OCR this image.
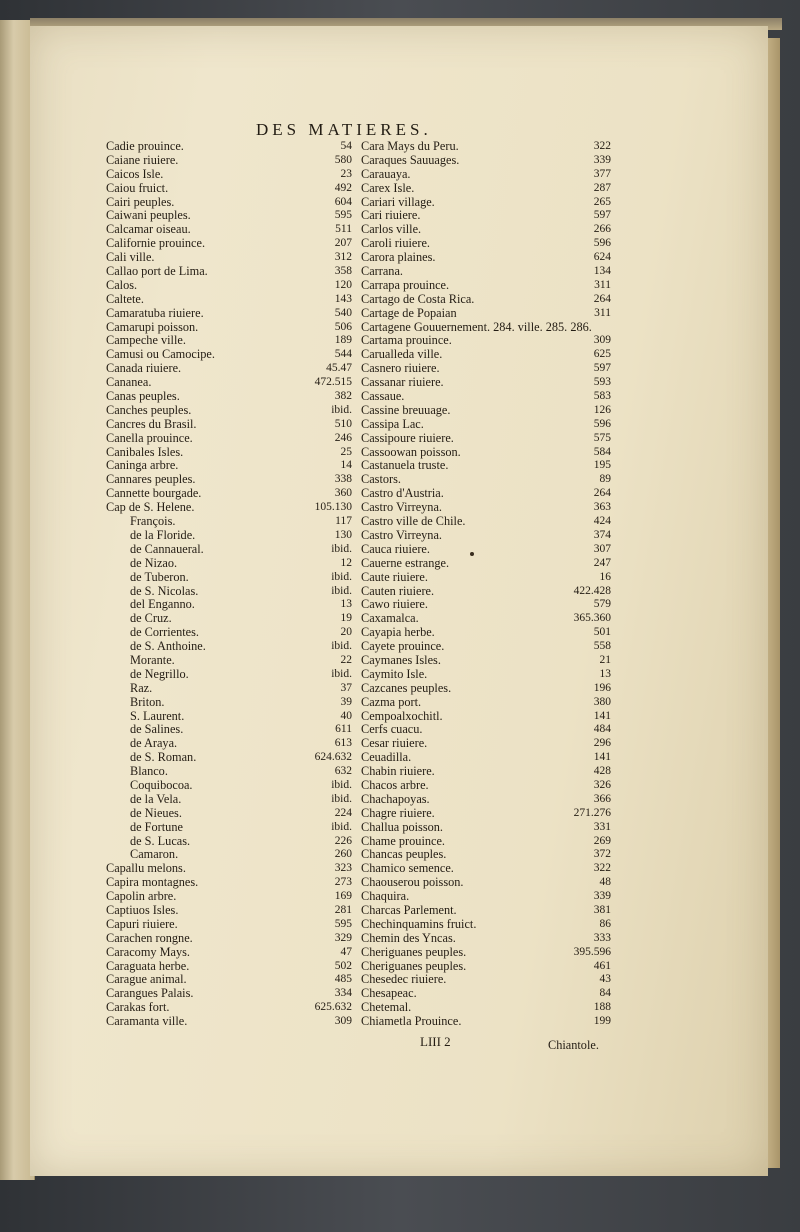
DES MATIERES.
Cadie prouince.	54
Caiane riuiere.	580
Caicos Isle.	23
Caiou fruict.	492
Cairi peuples.	604
Caiwani peuples.	595
Calcamar oiseau.	511
Californie prouince.	207
Cali ville.	312
Callao port de Lima.	358
Calos.	120
Caltete.	143
Camaratuba riuiere.	540
Camarupi poisson.	506
Campeche ville.	189
Camusi ou Camocipe.	544
Canada riuiere.	45.47
Cananea.	472.515
Canas peuples.	382
Canches peuples.	ibid.
Cancres du Brasil.	510
Canella prouince.	246
Canibales Isles.	25
Caninga arbre.	14
Cannares peuples.	338
Cannette bourgade.	360
Cap de S. Helene.	105.130
François.	117
de la Floride.	130
de Cannaueral.	ibid.
de Nizao.	12
de Tuberon.	ibid.
de S. Nicolas.	ibid.
del Enganno.	13
de Cruz.	19
de Corrientes.	20
de S. Anthoine.	ibid.
Morante.	22
de Negrillo.	ibid.
Raz.	37
Briton.	39
S. Laurent.	40
de Salines.	611
de Araya.	613
de S. Roman.	624.632
Blanco.	632
Coquibocoa.	ibid.
de la Vela.	ibid.
de Nieues.	224
de Fortune	ibid.
de S. Lucas.	226
Camaron.	260
Capallu melons.	323
Capira montagnes.	273
Capolin arbre.	169
Captiuos Isles.	281
Capuri riuiere.	595
Carachen rongne.	329
Caracomy Mays.	47
Caraguata herbe.	502
Carague animal.	485
Carangues Palais.	334
Carakas fort.	625.632
Caramanta ville.	309
Cara Mays du Peru.	322
Caraques Sauuages.	339
Carauaya.	377
Carex Isle.	287
Cariari village.	265
Cari riuiere.	597
Carlos ville.	266
Caroli riuiere.	596
Carora plaines.	624
Carrana.	134
Carrapa prouince.	311
Cartago de Costa Rica.	264
Cartage de Popaian	311
Cartagene Gouuernement. 284. ville. 285. 286.
Cartama prouince.	309
Carualleda ville.	625
Casnero riuiere.	597
Cassanar riuiere.	593
Cassaue.	583
Cassine breuuage.	126
Cassipa Lac.	596
Cassipoure riuiere.	575
Cassoowan poisson.	584
Castanuela truste.	195
Castors.	89
Castro d'Austria.	264
Castro Virreyna.	363
Castro ville de Chile.	424
Castro Virreyna.	374
Cauca riuiere.	307
Cauerne estrange.	247
Caute riuiere.	16
Cauten riuiere.	422.428
Cawo riuiere.	579
Caxamalca.	365.360
Cayapia herbe.	501
Cayete prouince.	558
Caymanes Isles.	21
Caymito Isle.	13
Cazcanes peuples.	196
Cazma port.	380
Cempoalxochitl.	141
Cerfs cuacu.	484
Cesar riuiere.	296
Ceuadilla.	141
Chabin riuiere.	428
Chacos arbre.	326
Chachapoyas.	366
Chagre riuiere.	271.276
Challua poisson.	331
Chame prouince.	269
Chancas peuples.	372
Chamico semence.	322
Chaouserou poisson.	48
Chaquira.	339
Charcas Parlement.	381
Chechinquamins fruict.	86
Chemin des Yncas.	333
Cheriguanes peuples.	395.596
Cheriguanes peuples.	461
Chesedec riuiere.	43
Chesapeac.	84
Chetemal.	188
Chiametla Prouince.	199
LIII 2	Chiantole.
